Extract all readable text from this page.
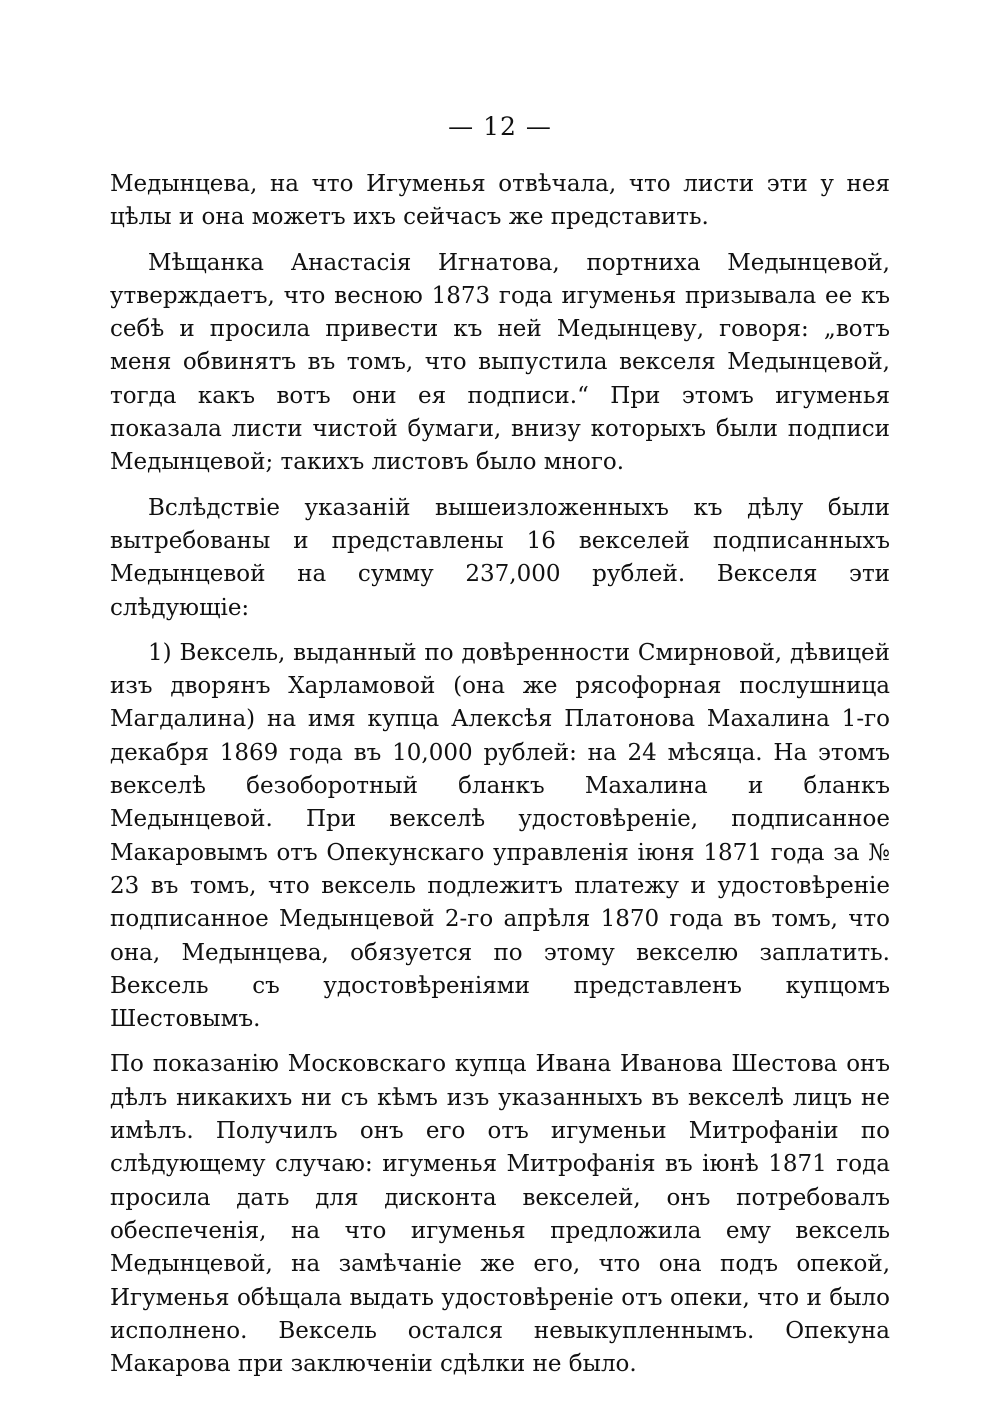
— 12 —

Медынцева, на что Игуменья отвѣчала, что листи эти у нея цѣлы и она можетъ ихъ сейчасъ же представить.

Мѣщанка Анастасія Игнатова, портниха Медынцевой, утверждаетъ, что весною 1873 года игуменья призывала ее къ себѣ и просила привести къ ней Медынцеву, говоря: „вотъ меня обвинятъ въ томъ, что выпустила векселя Медынцевой, тогда какъ вотъ они ея подписи.“ При этомъ игуменья показала листи чистой бумаги, внизу которыхъ были подписи Медынцевой; такихъ листовъ было много.

Вслѣдствіе указаній вышеизложенныхъ къ дѣлу были вытребованы и представлены 16 векселей подписанныхъ Медынцевой на сумму 237,000 рублей. Векселя эти слѣдующіе:

1) Вексель, выданный по довѣренности Смирновой, дѣвицей изъ дворянъ Харламовой (она же рясофорная послушница Магдалина) на имя купца Алексѣя Платонова Махалина 1-го декабря 1869 года въ 10,000 рублей: на 24 мѣсяца. На этомъ векселѣ безоборотный бланкъ Махалина и бланкъ Медынцевой. При векселѣ удостовѣреніе, подписанное Макаровымъ отъ Опекунскаго управленія іюня 1871 года за № 23 въ томъ, что вексель подлежитъ платежу и удостовѣреніе подписанное Медынцевой 2-го апрѣля 1870 года въ томъ, что она, Медынцева, обязуется по этому векселю заплатить. Вексель съ удостовѣреніями представленъ купцомъ Шестовымъ.

По показанію Московскаго купца Ивана Иванова Шестова онъ дѣлъ никакихъ ни съ кѣмъ изъ указанныхъ въ векселѣ лицъ не имѣлъ. Получилъ онъ его отъ игуменьи Митрофаніи по слѣдующему случаю: игуменья Митрофанія въ іюнѣ 1871 года просила дать для дисконта векселей, онъ потребовалъ обеспеченія, на что игуменья предложила ему вексель Медынцевой, на замѣчаніе же его, что она подъ опекой, Игуменья обѣщала выдать удостовѣреніе отъ опеки, что и было исполнено. Вексель остался невыкупленнымъ. Опекуна Макарова при заключеніи сдѣлки не было.
